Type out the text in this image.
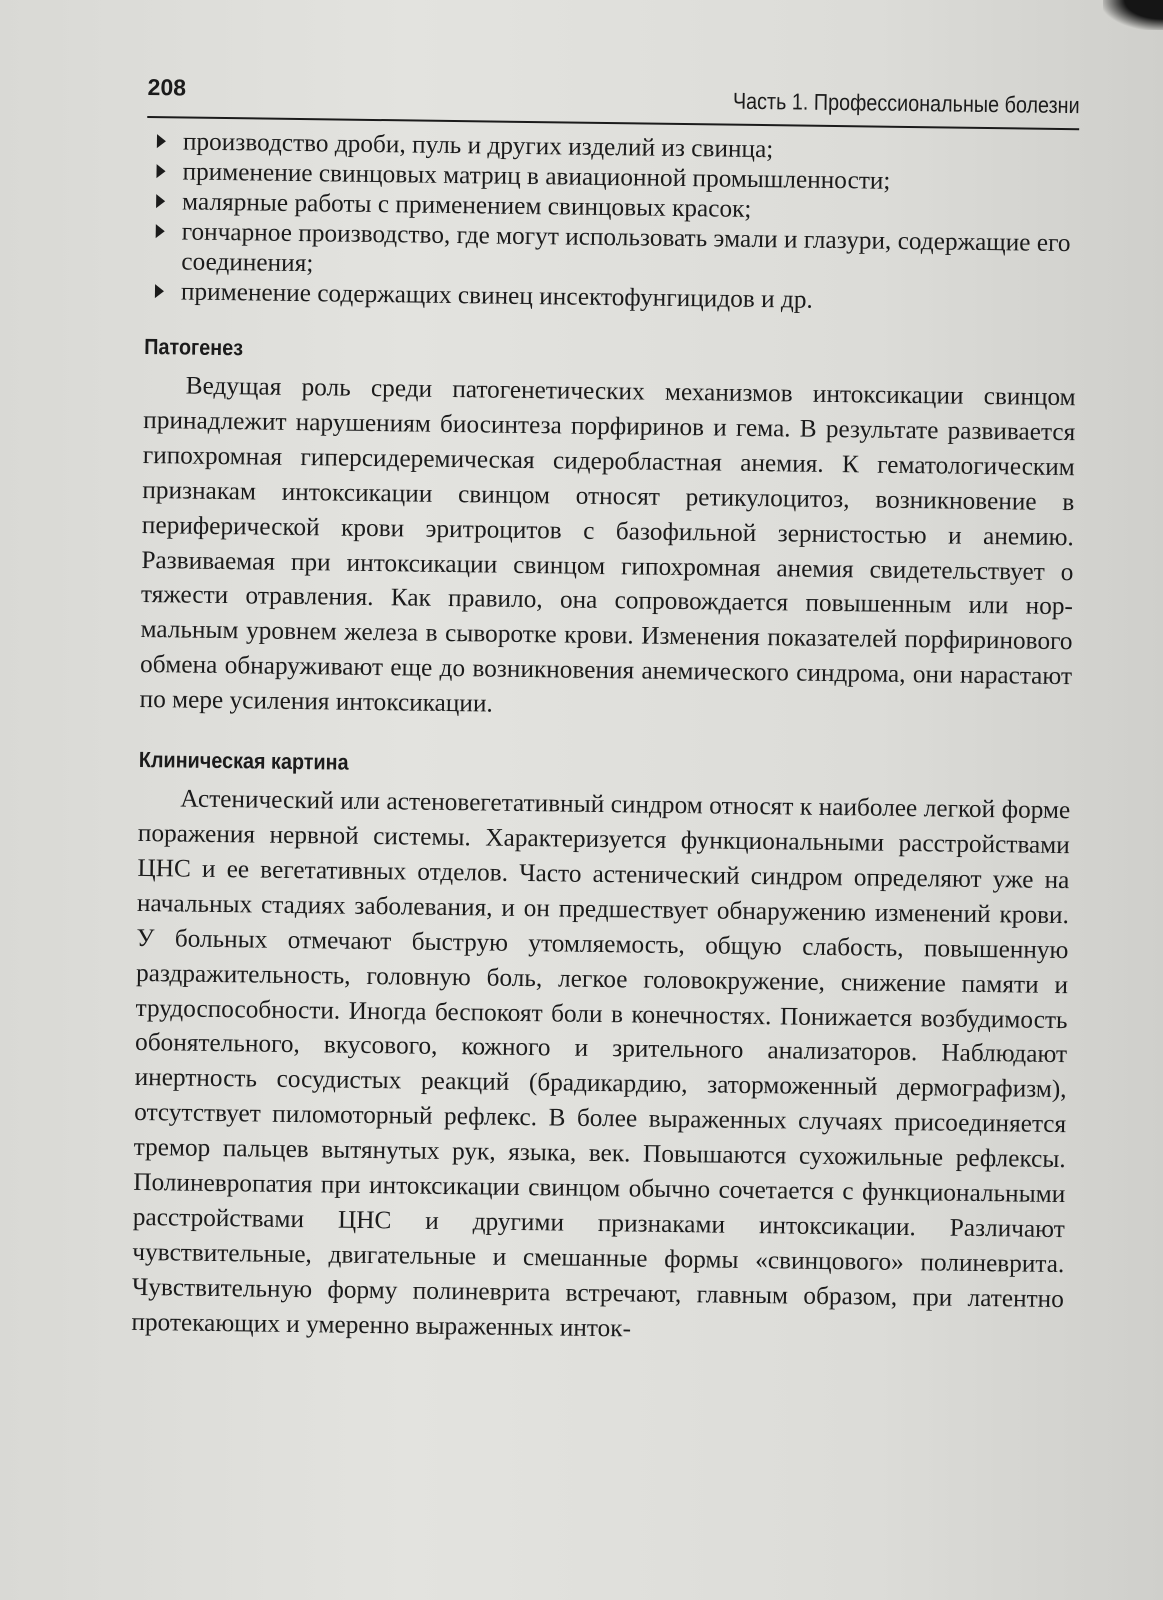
208
Часть 1. Профессиональные болезни
производство дроби, пуль и других изделий из свинца;
применение свинцовых матриц в авиационной промышленности;
малярные работы с применением свинцовых красок;
гончарное производство, где могут использовать эмали и глазури, содержащие его соединения;
применение содержащих свинец инсектофунгицидов и др.
Патогенез

Ведущая роль среди патогенетических механизмов интоксикации свинцом принадлежит нарушениям биосинтеза порфиринов и гема. В результате развивается гипохромная гиперсидеремическая сидеробластная анемия. К гематологическим признакам интоксикации свинцом относят ретикулоцитоз, возникновение в периферической крови эритроцитов с базофильной зернистостью и анемию. Развиваемая при интоксикации свинцом гипохромная анемия свидетельствует о тяжести отравления. Как правило, она сопровождается повышенным или нормальным уровнем железа в сыворотке крови. Изменения показателей порфиринового обмена обнаруживают еще до возникновения анемического синдрома, они нарастают по мере усиления интоксикации.

Клиническая картина

Астенический или астеновегетативный синдром относят к наиболее легкой форме поражения нервной системы. Характеризуется функциональными расстройствами ЦНС и ее вегетативных отделов. Часто астенический синдром определяют уже на начальных стадиях заболевания, и он предшествует обнаружению изменений крови. У больных отмечают быструю утомляемость, общую слабость, повышенную раздражительность, головную боль, легкое головокружение, снижение памяти и трудоспособности. Иногда беспокоят боли в конечностях. Понижается возбудимость обонятельного, вкусового, кожного и зрительного анализаторов. Наблюдают инертность сосудистых реакций (брадикардию, заторможенный дермографизм), отсутствует пиломоторный рефлекс. В более выраженных случаях присоединяется тремор пальцев вытянутых рук, языка, век. Повышаются сухожильные рефлексы. Полиневропатия при интоксикации свинцом обычно сочетается с функциональными расстройствами ЦНС и другими признаками интоксикации. Различают чувствительные, двигательные и смешанные формы «свинцового» полиневрита. Чувствительную форму полиневрита встречают, главным образом, при латентно протекающих и умеренно выраженных инток-
